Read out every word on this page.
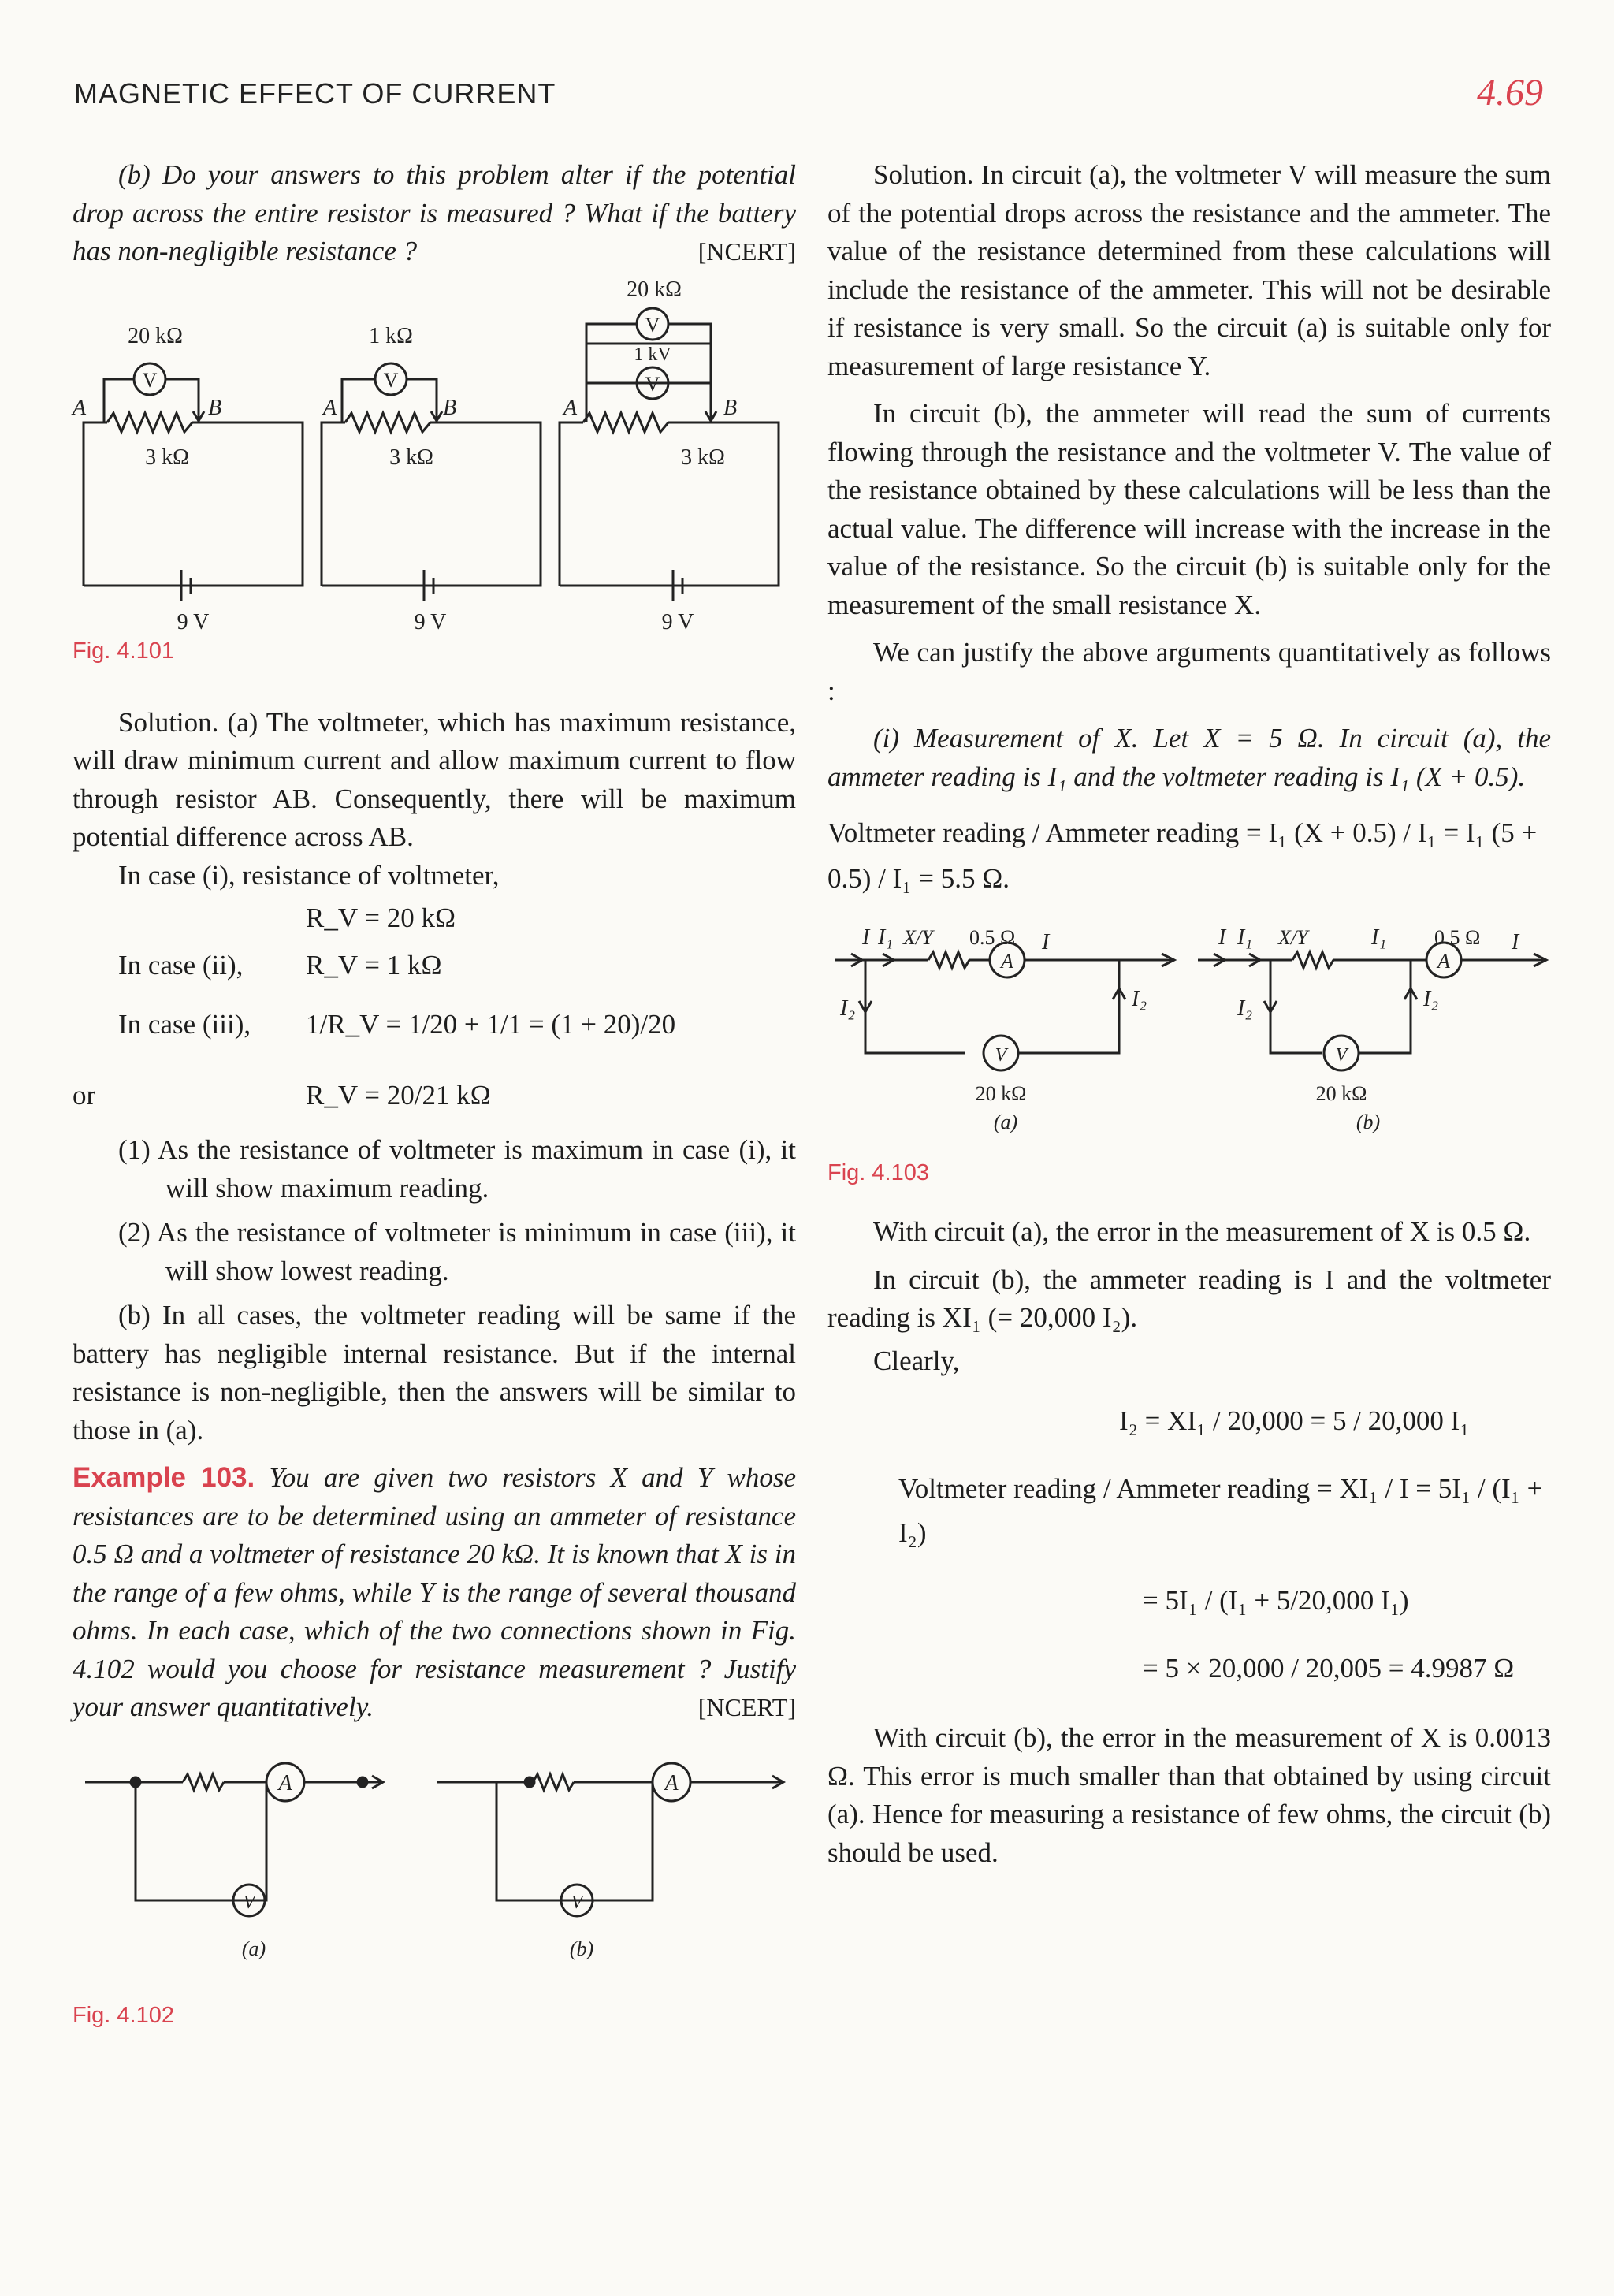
MAGNETIC EFFECT OF CURRENT	4.69

(b) Do your answers to this problem alter if the potential drop across the entire resistor is measured ? What if the battery has non-negligible resistance ?	[NCERT]

20 kΩ
V
A	B
3 kΩ
9 V
1 kΩ
V
A	B
3 kΩ
9 V
20 kΩ
V
1 kV
V
A	B
3 kΩ
9 V
Fig. 4.101

Solution. (a) The voltmeter, which has maximum resistance, will draw minimum current and allow maximum current to flow through resistor AB. Consequently, there will be maximum potential difference across AB.

In case (i), resistance of voltmeter,

R_V = 20 kΩ
In case (ii),	R_V = 1 kΩ
In case (iii),	1/R_V = 1/20 + 1/1 = (1 + 20)/20
or	R_V = 20/21 kΩ
(1) As the resistance of voltmeter is maximum in case (i), it will show maximum reading.
(2) As the resistance of voltmeter is minimum in case (iii), it will show lowest reading.

(b) In all cases, the voltmeter reading will be same if the battery has negligible internal resistance. But if the internal resistance is non-negligible, then the answers will be similar to those in (a).

Example 103. You are given two resistors X and Y whose resistances are to be determined using an ammeter of resistance 0.5 Ω and a voltmeter of resistance 20 kΩ. It is known that X is in the range of a few ohms, while Y is the range of several thousand ohms. In each case, which of the two connections shown in Fig. 4.102 would you choose for resistance measurement ? Justify your answer quantitatively.	[NCERT]

A
V
(a)
A
V
(b)
Fig. 4.102

Solution. In circuit (a), the voltmeter V will measure the sum of the potential drops across the resistance and the ammeter. The value of the resistance determined from these calculations will include the resistance of the ammeter. This will not be desirable if resistance is very small. So the circuit (a) is suitable only for measurement of large resistance Y.

In circuit (b), the ammeter will read the sum of currents flowing through the resistance and the voltmeter V. The value of the resistance obtained by these calculations will be less than the actual value. The difference will increase with the increase in the value of the resistance. So the circuit (b) is suitable only for the measurement of the small resistance X.

We can justify the above arguments quantitatively as follows :

(i) Measurement of X. Let X = 5 Ω. In circuit (a), the ammeter reading is I₁ and the voltmeter reading is I₁ (X + 0.5).

Voltmeter reading / Ammeter reading = I₁ (X + 0.5) / I₁ = I₁ (5 + 0.5) / I₁ = 5.5 Ω.
I I₁ X/Y 0.5 Ω
A
I
I₂	I₂
V
20 kΩ
(a)
I I₁ X/Y	I₁ 0.5 Ω
A
I
I₂	I₂
V
20 kΩ
(b)
Fig. 4.103

With circuit (a), the error in the measurement of X is 0.5 Ω.

In circuit (b), the ammeter reading is I and the voltmeter reading is XI₁ (= 20,000 I₂).

Clearly,

I₂ = XI₁ / 20,000 = 5 / 20,000 I₁
Voltmeter reading / Ammeter reading = XI₁ / I = 5I₁ / (I₁ + I₂)
= 5I₁ / (I₁ + 5/20,000 I₁)
= 5 × 20,000 / 20,005 = 4.9987 Ω

With circuit (b), the error in the measurement of X is 0.0013 Ω. This error is much smaller than that obtained by using circuit (a). Hence for measuring a resistance of few ohms, the circuit (b) should be used.
